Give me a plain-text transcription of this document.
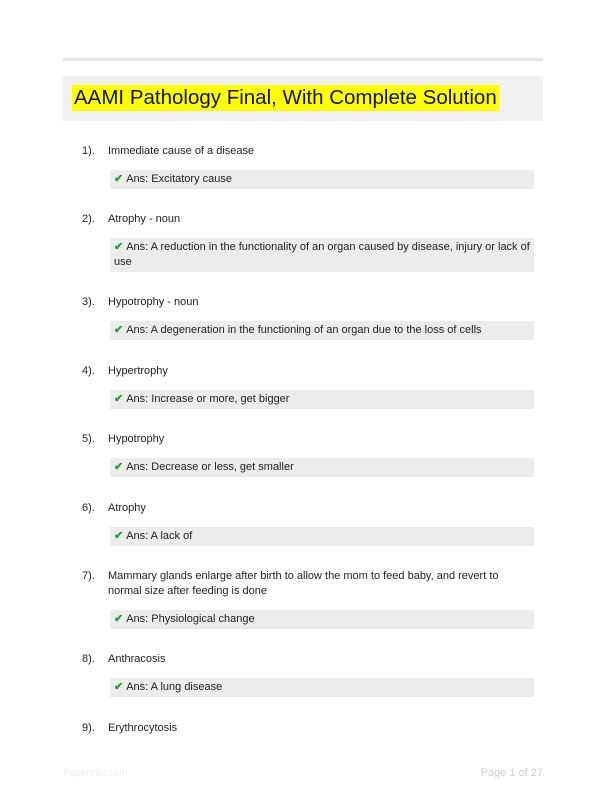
AAMI Pathology Final, With Complete Solution
1). Immediate cause of a disease
✔ Ans: Excitatory cause
2). Atrophy - noun
✔ Ans: A reduction in the functionality of an organ caused by disease, injury or lack of use
3). Hypotrophy - noun
✔ Ans: A degeneration in the functioning of an organ due to the loss of cells
4). Hypertrophy
✔ Ans: Increase or more, get bigger
5). Hypotrophy
✔ Ans: Decrease or less, get smaller
6). Atrophy
✔ Ans: A lack of
7). Mammary glands enlarge after birth to allow the mom to feed baby, and revert to normal size after feeding is done
✔ Ans: Physiological change
8). Anthracosis
✔ Ans: A lung disease
9). Erythrocytosis
Papertrtic.com	Page 1 of 27
